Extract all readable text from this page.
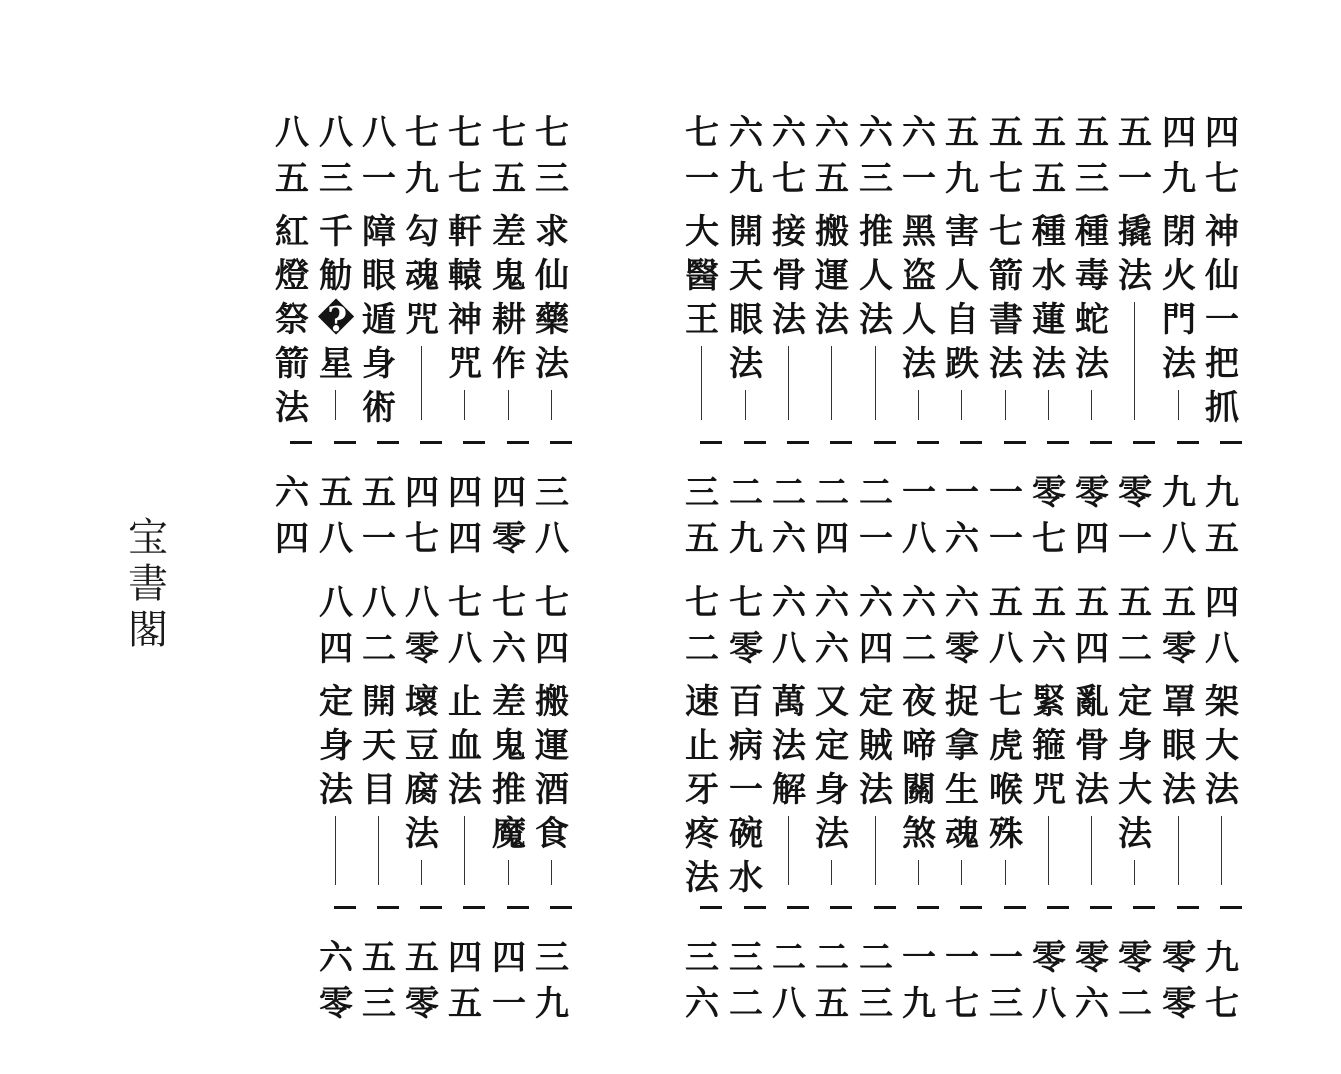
宝
書
閣
四
七
神
仙
一
把
抓
九
五
四
九
閉
火
門
法
九
八
五
一
撬
法
零
一
五
三
種
毒
蛇
法
零
四
五
五
種
水
蓮
法
零
七
五
七
七
箭
書
法
一
一
五
九
害
人
自
跌
一
六
六
一
黑
盗
人
法
一
八
六
三
推
人
法
二
一
六
五
搬
運
法
二
四
六
七
接
骨
法
二
六
六
九
開
天
眼
法
二
九
七
一
大
醫
王
三
五
四
八
架
大
法
九
七
五
零
罩
眼
法
零
零
五
二
定
身
大
法
零
二
五
四
亂
骨
法
零
六
五
六
緊
箍
咒
零
八
五
八
七
虎
喉
殊
一
三
六
零
捉
拿
生
魂
一
七
六
二
夜
啼
關
煞
一
九
六
四
定
賊
法
二
三
六
六
又
定
身
法
二
五
六
八
萬
法
解
二
八
七
零
百
病
一
碗
水
三
二
七
二
速
止
牙
疼
法
三
六
七
三
求
仙
藥
法
三
八
七
五
差
鬼
耕
作
四
零
七
七
軒
轅
神
咒
四
四
七
九
勾
魂
咒
四
七
八
一
障
眼
遁
身
術
五
一
八
三
千
觔
�
星
五
八
八
五
紅
燈
祭
箭
法
六
四
七
四
搬
運
酒
食
三
九
七
六
差
鬼
推
魔
四
一
七
八
止
血
法
四
五
八
零
壞
豆
腐
法
五
零
八
二
開
天
目
五
三
八
四
定
身
法
六
零
